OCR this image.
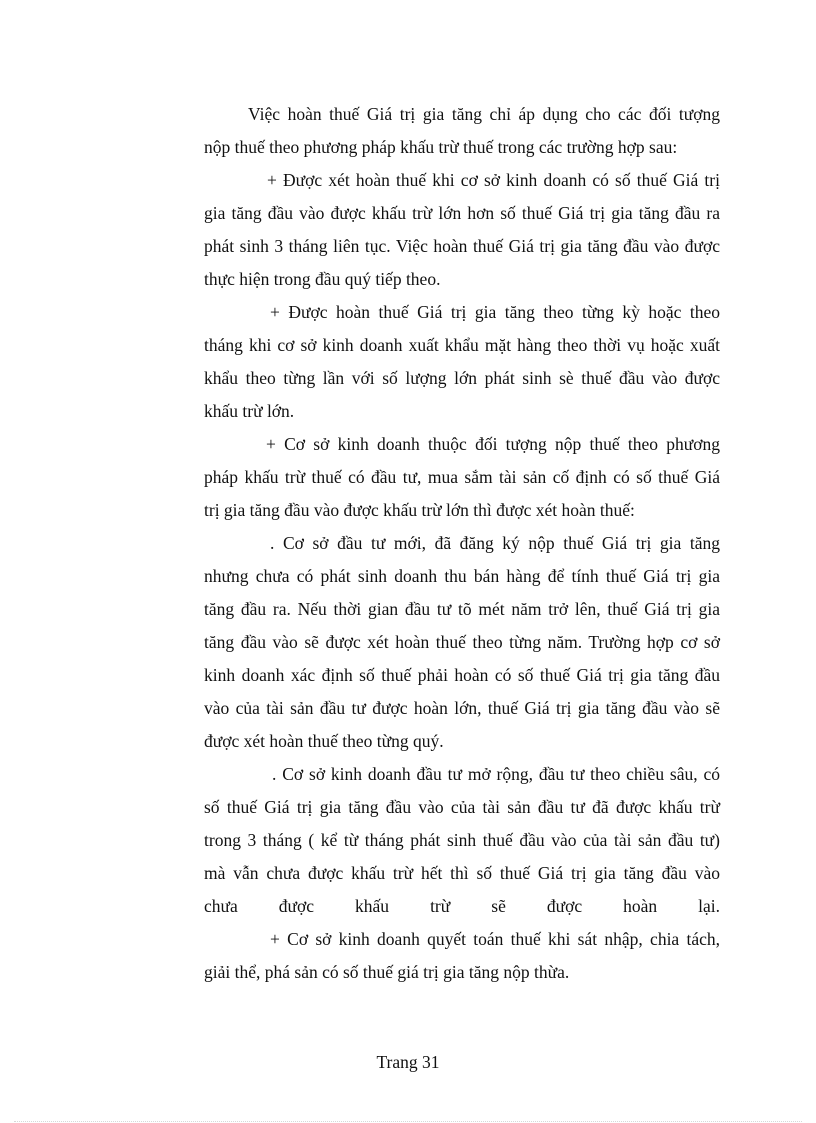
Việc hoàn thuế Giá trị gia tăng chỉ áp dụng cho các đối tượng
nộp thuế theo phương pháp khấu trừ thuế trong các trường hợp sau:
+ Được xét hoàn thuế khi cơ sở kinh doanh có số thuế Giá trị
gia tăng đầu vào được khấu trừ lớn hơn số thuế Giá trị gia tăng đầu ra
phát sinh 3 tháng liên tục. Việc hoàn thuế Giá trị gia tăng đầu vào được
thực hiện trong đầu quý tiếp theo.
+ Được hoàn thuế Giá trị gia tăng theo từng kỳ hoặc theo
tháng khi cơ sở kinh doanh xuất khẩu mặt hàng theo thời vụ hoặc xuất
khẩu theo từng lần với số lượng lớn phát sinh sè thuế đầu vào được
khấu trừ lớn.
+ Cơ sở kinh doanh thuộc đối tượng nộp thuế theo phương
pháp khấu trừ thuế có đầu tư, mua sắm tài sản cố định có số thuế Giá
trị gia tăng đầu vào được khấu trừ lớn thì được xét hoàn thuế:
. Cơ sở đầu tư mới, đã đăng ký nộp thuế Giá trị gia tăng
nhưng chưa có phát sinh doanh thu bán hàng để tính thuế Giá trị gia
tăng đầu ra. Nếu thời gian đầu tư tõ mét năm trở lên, thuế Giá trị gia
tăng đầu vào sẽ được xét hoàn thuế theo từng năm. Trường hợp cơ sở
kinh doanh xác định số thuế phải hoàn có số thuế Giá trị gia tăng đầu
vào của tài sản đầu tư được hoàn lớn, thuế Giá trị gia tăng đầu vào sẽ
được xét hoàn thuế theo từng quý.
. Cơ sở kinh doanh đầu tư mở rộng, đầu tư theo chiều sâu, có
số thuế Giá trị gia tăng đầu vào của tài sản đầu tư đã được khấu trừ
trong 3 tháng ( kể từ tháng phát sinh thuế đầu vào của tài sản đầu tư)
mà vẫn chưa được khấu trừ hết thì số thuế Giá trị gia tăng đầu vào
chưa được khấu trừ sẽ được hoàn lại.
+ Cơ sở kinh doanh quyết toán thuế khi sát nhập, chia tách,
giải thể, phá sản có số thuế giá trị gia tăng nộp thừa.
Trang 31
